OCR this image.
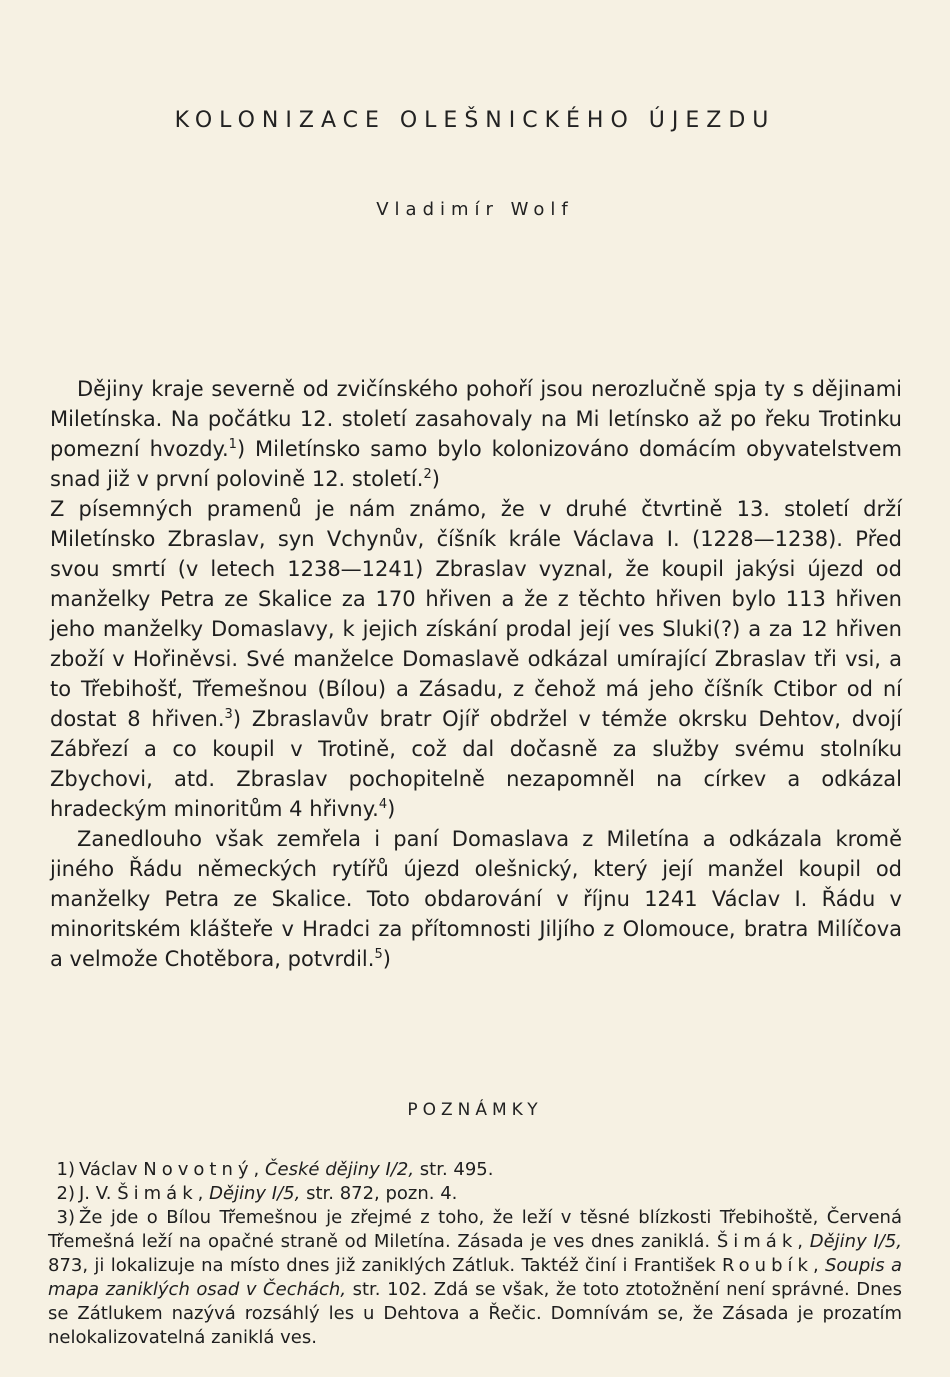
KOLONIZACE OLEŠNICKÉHO ÚJEZDU
Vladimír Wolf

Dějiny kraje severně od zvičínského pohoří jsou nerozlučně spja ty s dějinami Miletínska. Na počátku 12. století zasahovaly na Mi letínsko až po řeku Trotinku pomezní hvozdy.$^1$) Miletínsko samo bylo kolonizováno domácím obyvatelstvem snad již v první polovině 12. století.$^2$)

Z písemných pramenů je nám známo, že v druhé čtvrtině 13. století drží Miletínsko Zbraslav, syn Vchynův, číšník krále Václava I. (1228—1238). Před svou smrtí (v letech 1238—1241) Zbraslav vyznal, že koupil jakýsi újezd od manželky Petra ze Skalice za 170 hřiven a že z těchto hřiven bylo 113 hřiven jeho manželky Domaslavy, k jejich získání prodal její ves Sluki(?) a za 12 hřiven zboží v Hořiněvsi. Své manželce Domaslavě odkázal umírající Zbraslav tři vsi, a to Třebihošť, Třemešnou (Bílou) a Zásadu, z čehož má jeho číšník Ctibor od ní dostat 8 hřiven.$^3$) Zbraslavův bratr Ojíř obdržel v témže okrsku Dehtov, dvojí Zábřezí a co koupil v Trotině, což dal dočasně za služby svému stolníku Zbychovi, atd. Zbraslav pochopitelně nezapomněl na církev a odkázal hradeckým minoritům 4 hřivny.$^4$)

Zanedlouho však zemřela i paní Domaslava z Miletína a odkázala kromě jiného Řádu německých rytířů újezd olešnický, který její manžel koupil od manželky Petra ze Skalice. Toto obdarování v říjnu 1241 Václav I. Řádu v minoritském klášteře v Hradci za přítomnosti Jiljího z Olomouce, bratra Milíčova a velmože Chotěbora, potvrdil.$^5$)

POZNÁMKY

1) Václav Novotný, České dějiny I/2, str. 495.

2) J. V. Šimák, Dějiny I/5, str. 872, pozn. 4.

3) Že jde o Bílou Třemešnou je zřejmé z toho, že leží v těsné blízkosti Třebihoště, Červená Třemešná leží na opačné straně od Miletína. Zásada je ves dnes zaniklá. Šimák, Dějiny I/5, 873, ji lokalizuje na místo dnes již zaniklých Zátluk. Taktéž činí i František Roubík, Soupis a mapa zaniklých osad v Čechách, str. 102. Zdá se však, že toto ztotožnění není správné. Dnes se Zátlukem nazývá rozsáhlý les u Dehtova a Řečic. Domnívám se, že Zásada je prozatím nelokalizovatelná zaniklá ves.
